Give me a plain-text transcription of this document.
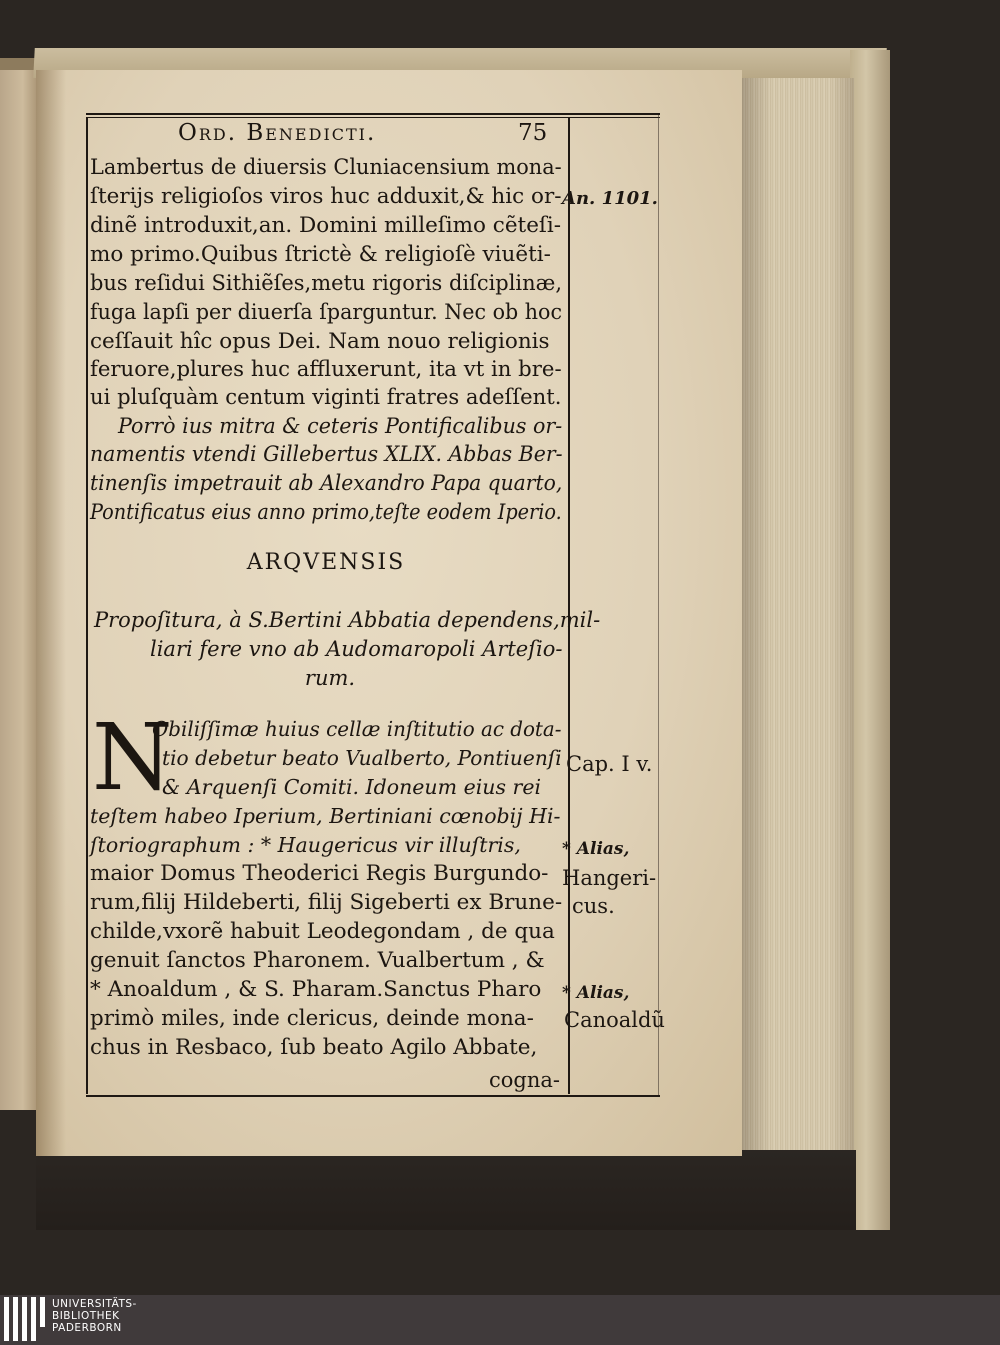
Ord. Benedicti.	75
Lambertus de diuersis Cluniacensium mona-
ſterijs religioſos viros huc adduxit,& hic or-
dinẽ introduxit,an. Domini milleſimo cẽteſi-
mo primo.Quibus ſtrictè & religioſè viuẽti-
bus reſidui Sithiẽſes,metu rigoris diſciplinæ,
fuga lapſi per diuerſa ſparguntur. Nec ob hoc
ceſſauit hîc opus Dei. Nam nouo religionis
feruore,plures huc affluxerunt, ita vt in bre-
ui pluſquàm centum viginti fratres adeſſent.
Porrò ius mitra & ceteris Pontificalibus or-
namentis vtendi Gillebertus XLIX. Abbas Ber-
tinenſis impetrauit ab Alexandro Papa quarto,
Pontificatus eius anno primo,teſte eodem Iperio.
ARQVENSIS
Propoſitura, à S.Bertini Abbatia dependens,mil-
liari fere vno ab Audomaropoli Arteſio-
rum.
N
Obiliſſimæ huius cellæ inſtitutio ac dota-
tio debetur beato Vualberto, Pontiuenſi
& Arquenſi Comiti. Idoneum eius rei
teſtem habeo Iperium, Bertiniani cœnobij Hi-
ſtoriographum : * Haugericus vir illuſtris,
maior Domus Theoderici Regis Burgundo-
rum,filij Hildeberti, filij Sigeberti ex Brune-
childe,vxorẽ habuit Leodegondam , de qua
genuit ſanctos Pharonem. Vualbertum , &
* Anoaldum , & S. Pharam.Sanctus Pharo
primò miles, inde clericus, deinde mona-
chus in Resbaco, ſub beato Agilo Abbate,
cogna-
An. 1101.
Cap. I v.
* Alias,
Hangeri-
cus.
* Alias,
Canoaldũ
UNIVERSITÄTS-
BIBLIOTHEK
PADERBORN
